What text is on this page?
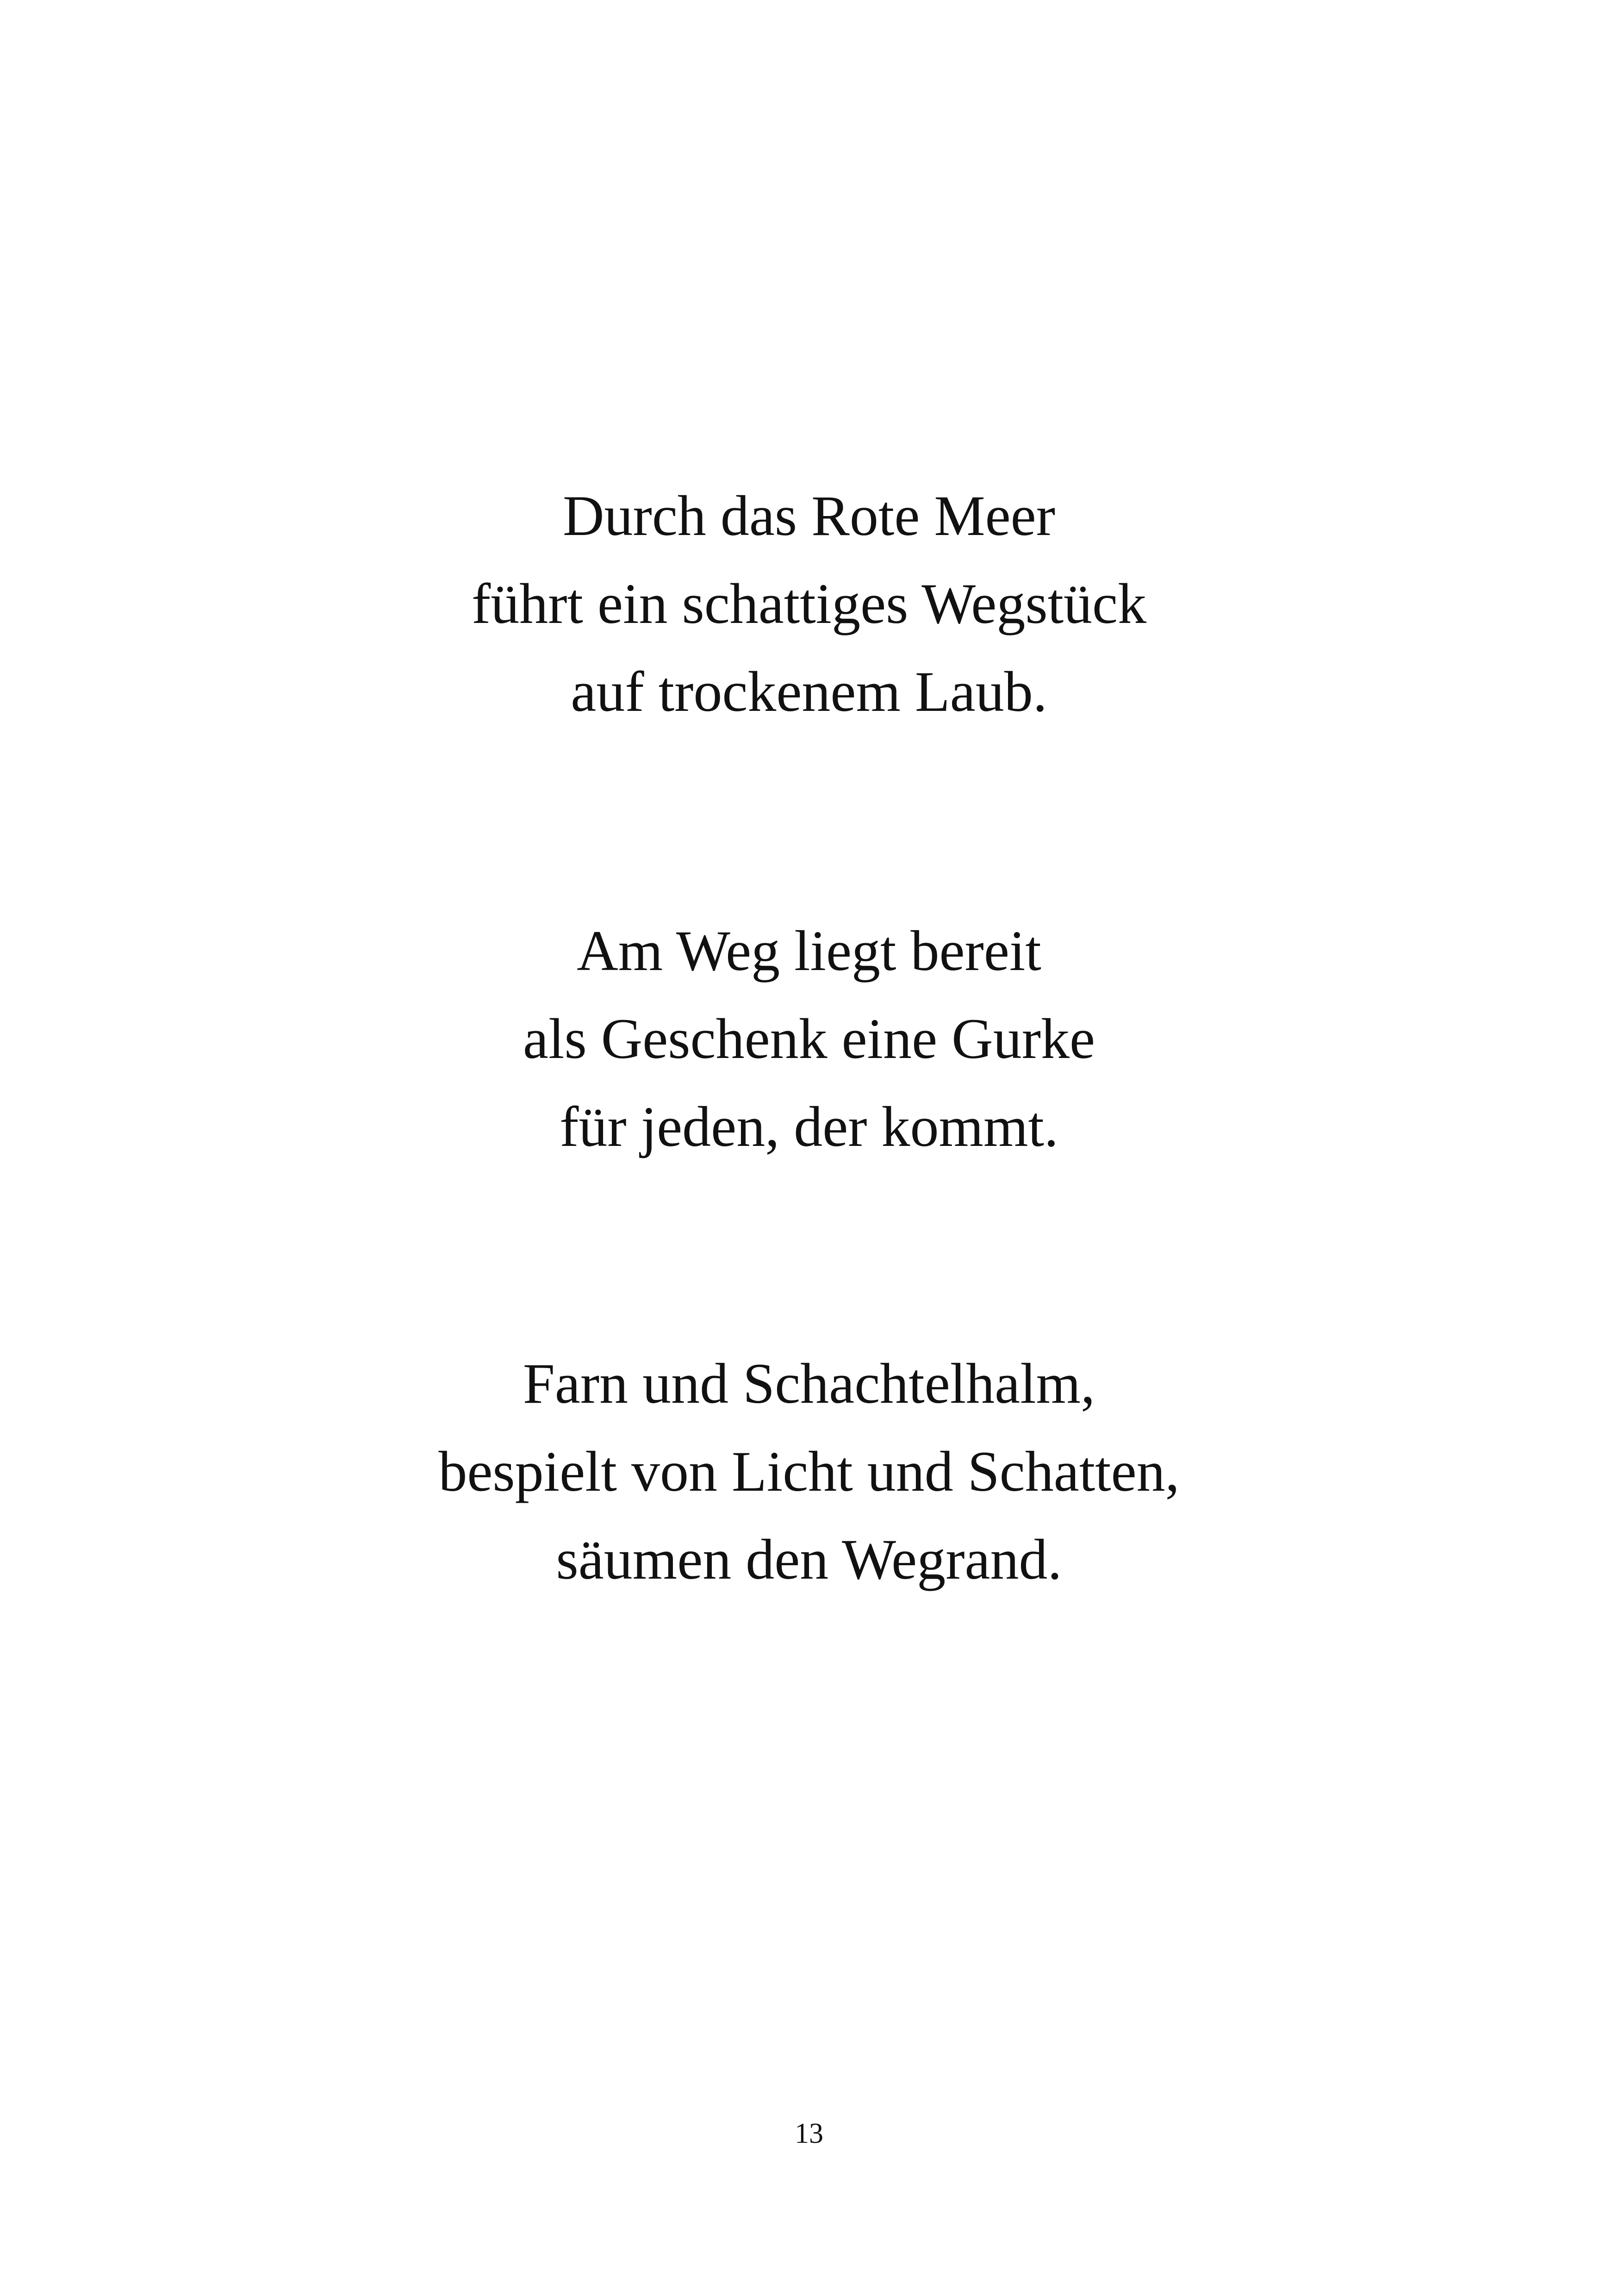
Durch das Rote Meer
führt ein schattiges Wegstück
auf trockenem Laub.
Am Weg liegt bereit
als Geschenk eine Gurke
für jeden, der kommt.
Farn und Schachtelhalm,
bespielt von Licht und Schatten,
säumen den Wegrand.
13
